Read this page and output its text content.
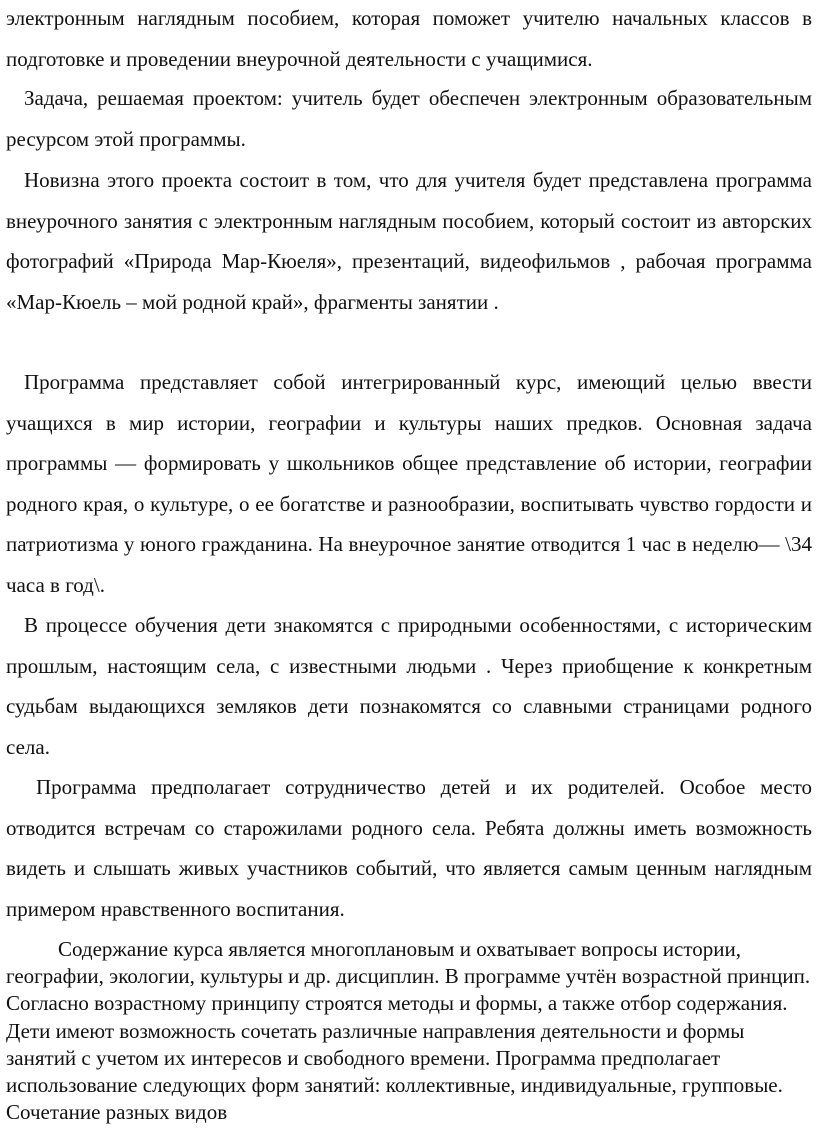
электронным наглядным пособием, которая поможет учителю начальных классов в подготовке и проведении внеурочной деятельности с учащимися.

Задача, решаемая проектом: учитель будет обеспечен электронным образовательным ресурсом этой программы.

Новизна этого проекта состоит в том, что для учителя будет представлена программа внеурочного занятия с электронным наглядным пособием, который состоит из авторских фотографий «Природа Мар-Кюеля», презентаций, видеофильмов , рабочая программа «Мар-Кюель – мой родной край», фрагменты занятии .

Программа представляет собой интегрированный курс, имеющий целью ввести учащихся в мир истории, географии и культуры наших предков. Основная задача программы — формировать у школьников общее представление об истории, географии родного края, о культуре, о ее богатстве и разнообразии, воспитывать чувство гордости и патриотизма у юного гражданина. На внеурочное занятие отводится 1 час в неделю— \34 часа в год\.

В процессе обучения дети знакомятся с природными особенностями, с историческим прошлым, настоящим села, с известными людьми . Через приобщение к конкретным судьбам выдающихся земляков дети познакомятся со славными страницами родного села.

Программа предполагает сотрудничество детей и их родителей. Особое место отводится встречам со старожилами родного села. Ребята должны иметь возможность видеть и слышать живых участников событий, что является самым ценным наглядным примером нравственного воспитания.

Содержание курса является многоплановым и охватывает вопросы истории, географии, экологии, культуры и др. дисциплин. В программе учтён возрастной принцип. Согласно возрастному принципу строятся методы и формы, а также отбор содержания. Дети имеют возможность сочетать различные направления деятельности и формы занятий с учетом их интересов и свободного времени. Программа предполагает использование следующих форм занятий: коллективные, индивидуальные, групповые. Сочетание разных видов
